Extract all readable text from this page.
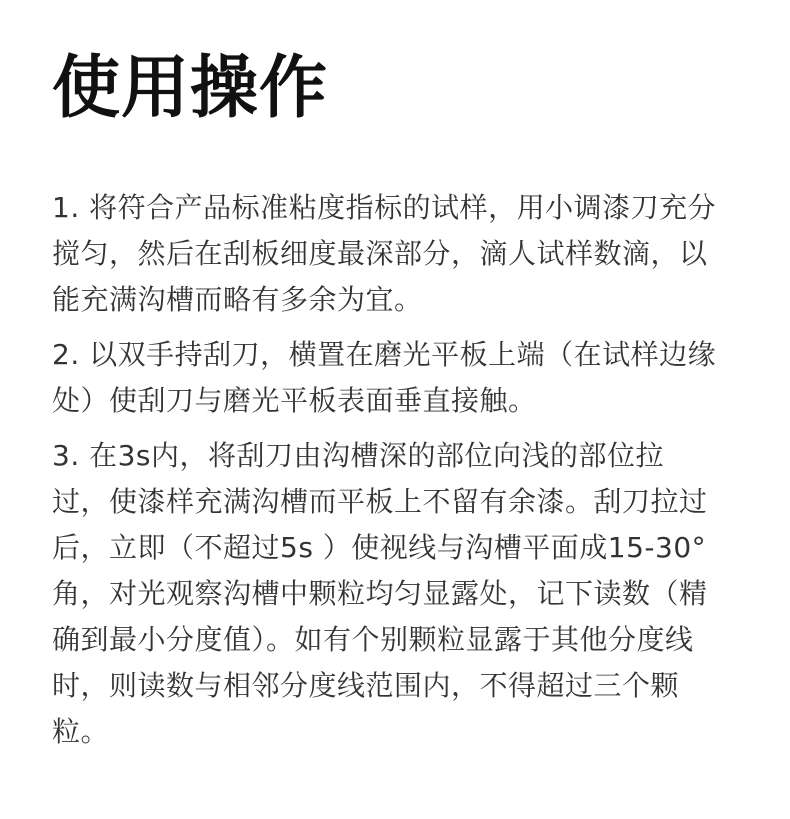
使用操作

1. 将符合产品标准粘度指标的试样，用小调漆刀充分搅匀，然后在刮板细度最深部分，滴人试样数滴，以能充满沟槽而略有多余为宜。

2. 以双手持刮刀，横置在磨光平板上端（在试样边缘处）使刮刀与磨光平板表面垂直接触。

3. 在3s内，将刮刀由沟槽深的部位向浅的部位拉过，使漆样充满沟槽而平板上不留有余漆。刮刀拉过后，立即（不超过5s ）使视线与沟槽平面成15-30°角，对光观察沟槽中颗粒均匀显露处，记下读数（精确到最小分度值）。如有个别颗粒显露于其他分度线时，则读数与相邻分度线范围内，不得超过三个颗粒。
